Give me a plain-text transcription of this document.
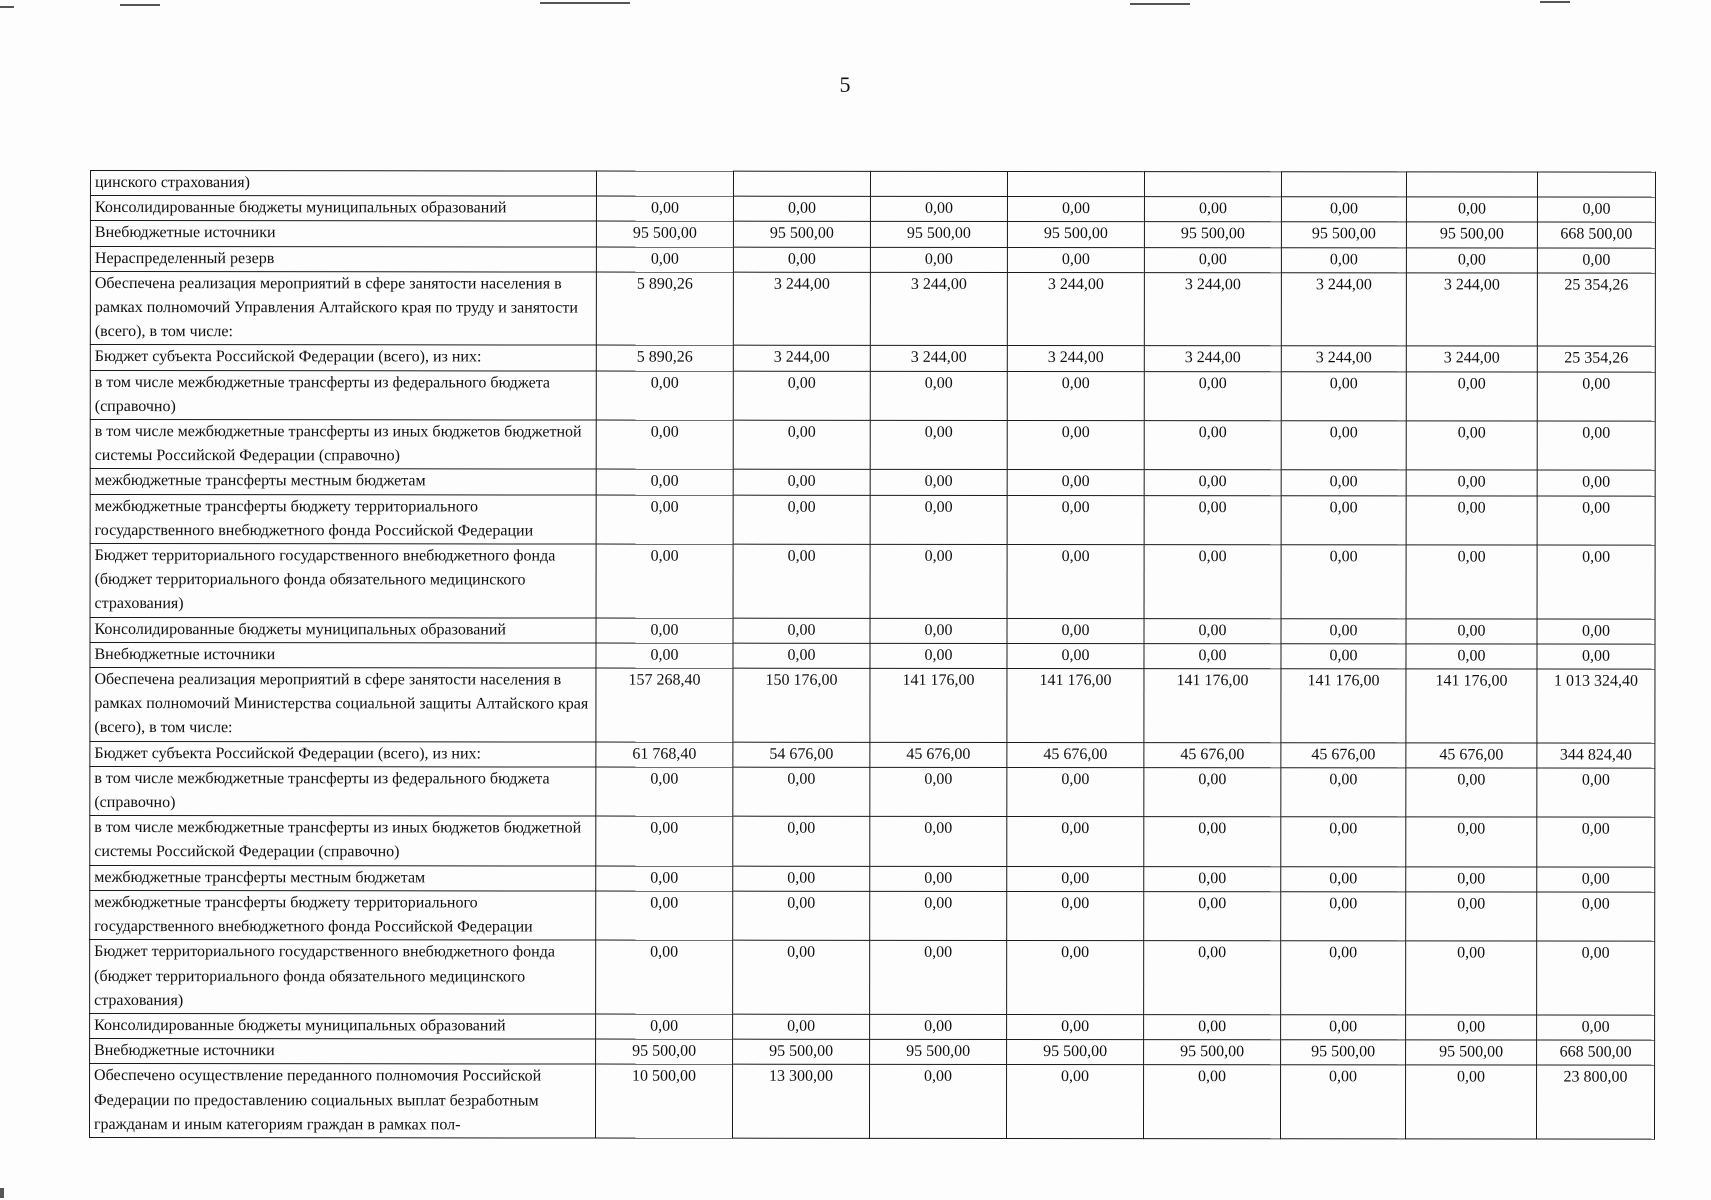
5
цинского страхования)								
Консолидированные бюджеты муниципальных образований	0,00	0,00	0,00	0,00	0,00	0,00	0,00	0,00
Внебюджетные источники	95 500,00	95 500,00	95 500,00	95 500,00	95 500,00	95 500,00	95 500,00	668 500,00
Нераспределенный резерв	0,00	0,00	0,00	0,00	0,00	0,00	0,00	0,00
Обеспечена реализация мероприятий в сфере занятости населения в рамках полномочий Управления Алтайского края по труду и занятости (всего), в том числе:	5 890,26	3 244,00	3 244,00	3 244,00	3 244,00	3 244,00	3 244,00	25 354,26
Бюджет субъекта Российской Федерации (всего), из них:	5 890,26	3 244,00	3 244,00	3 244,00	3 244,00	3 244,00	3 244,00	25 354,26
в том числе межбюджетные трансферты из федерального бюджета (справочно)	0,00	0,00	0,00	0,00	0,00	0,00	0,00	0,00
в том числе межбюджетные трансферты из иных бюджетов бюджетной системы Российской Федерации (справочно)	0,00	0,00	0,00	0,00	0,00	0,00	0,00	0,00
межбюджетные трансферты местным бюджетам	0,00	0,00	0,00	0,00	0,00	0,00	0,00	0,00
межбюджетные трансферты бюджету территориального государственного внебюджетного фонда Российской Федерации	0,00	0,00	0,00	0,00	0,00	0,00	0,00	0,00
Бюджет территориального государственного внебюджетного фонда (бюджет территориального фонда обязательного медицинского страхования)	0,00	0,00	0,00	0,00	0,00	0,00	0,00	0,00
Консолидированные бюджеты муниципальных образований	0,00	0,00	0,00	0,00	0,00	0,00	0,00	0,00
Внебюджетные источники	0,00	0,00	0,00	0,00	0,00	0,00	0,00	0,00
Обеспечена реализация мероприятий в сфере занятости населения в рамках полномочий Министерства социальной защиты Алтайского края (всего), в том числе:	157 268,40	150 176,00	141 176,00	141 176,00	141 176,00	141 176,00	141 176,00	1 013 324,40
Бюджет субъекта Российской Федерации (всего), из них:	61 768,40	54 676,00	45 676,00	45 676,00	45 676,00	45 676,00	45 676,00	344 824,40
в том числе межбюджетные трансферты из федерального бюджета (справочно)	0,00	0,00	0,00	0,00	0,00	0,00	0,00	0,00
в том числе межбюджетные трансферты из иных бюджетов бюджетной системы Российской Федерации (справочно)	0,00	0,00	0,00	0,00	0,00	0,00	0,00	0,00
межбюджетные трансферты местным бюджетам	0,00	0,00	0,00	0,00	0,00	0,00	0,00	0,00
межбюджетные трансферты бюджету территориального государственного внебюджетного фонда Российской Федерации	0,00	0,00	0,00	0,00	0,00	0,00	0,00	0,00
Бюджет территориального государственного внебюджетного фонда (бюджет территориального фонда обязательного медицинского страхования)	0,00	0,00	0,00	0,00	0,00	0,00	0,00	0,00
Консолидированные бюджеты муниципальных образований	0,00	0,00	0,00	0,00	0,00	0,00	0,00	0,00
Внебюджетные источники	95 500,00	95 500,00	95 500,00	95 500,00	95 500,00	95 500,00	95 500,00	668 500,00
Обеспечено осуществление переданного полномочия Российской Федерации по предоставлению социальных выплат безработным гражданам и иным категориям граждан в рамках пол-	10 500,00	13 300,00	0,00	0,00	0,00	0,00	0,00	23 800,00
